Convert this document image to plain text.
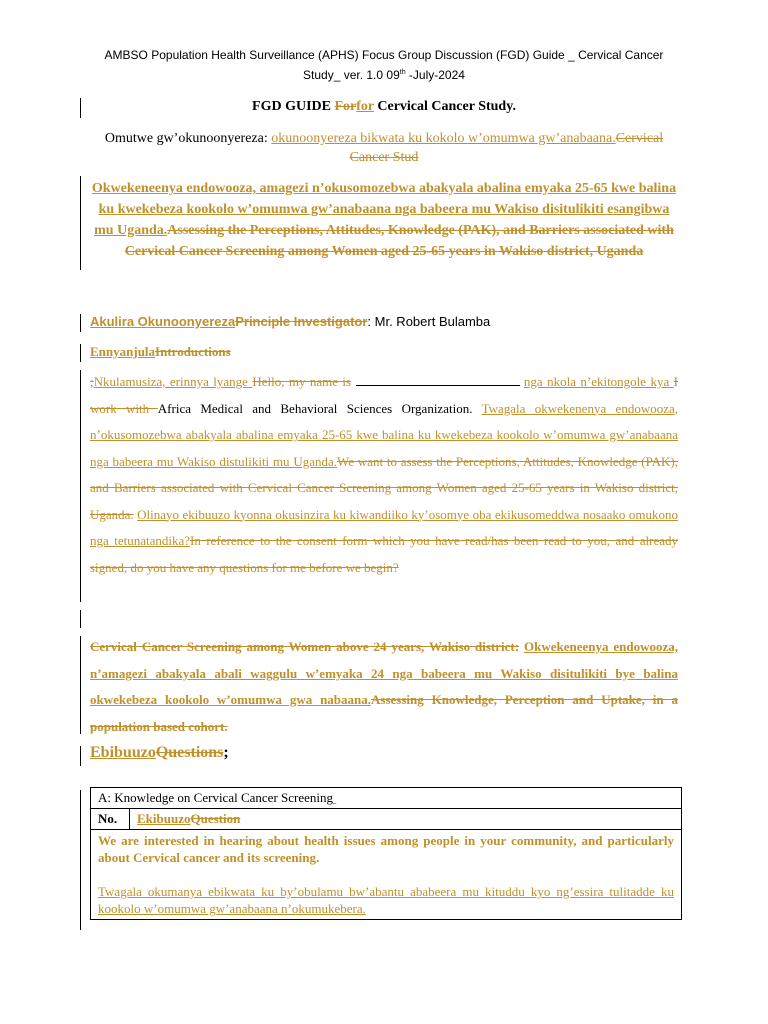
AMBSO Population Health Surveillance (APHS) Focus Group Discussion (FGD) Guide _ Cervical Cancer
Study_ ver. 1.0 09th -July-2024
FGD GUIDE Forfor Cervical Cancer Study.
Omutwe gw’okunoonyereza: okunoonyereza bikwata ku kokolo w’omumwa gw’anabaana.Cervical Cancer Stud
Okwekeneenya endowooza, amagezi n’okusomozebwa abakyala abalina emyaka 25-65 kwe balina ku kwekebeza kookolo w’omumwa gw’anabaana nga babeera mu Wakiso disitulikiti esangibwa mu Uganda.Assessing the Perceptions, Attitudes, Knowledge (PAK), and Barriers associated with Cervical Cancer Screening among Women aged 25-65 years in Wakiso district, Uganda
Akulira OkunoonyerezaPrinciple Investigator: Mr. Robert Bulamba
EnnyanjulaIntroductions
;Nkulamusiza, erinnya lyange Hello, my name is	nga nkola n’ekitongole kya I work with Africa Medical and Behavioral Sciences Organization. Twagala okwekenenya endowooza, n’okusomozebwa abakyala abalina emyaka 25-65 kwe balina ku kwekebeza kookolo w’omumwa gw’anabaana nga babeera mu Wakiso distulikiti mu Uganda.We want to assess the Perceptions, Attitudes, Knowledge (PAK), and Barriers associated with Cervical Cancer Screening among Women aged 25-65 years in Wakiso district, Uganda. Olinayo ekibuuzo kyonna okusinzira ku kiwandiiko ky’osomye oba ekikusomeddwa nosaako omukono nga tetunatandika?In reference to the consent form which you have read/has been read to you, and already signed, do you have any questions for me before we begin?
Cervical Cancer Screening among Women above 24 years, Wakiso district: Okwekeneenya endowooza, n’amagezi abakyala abali waggulu w’emyaka 24 nga babeera mu Wakiso disitulikiti bye balina okwekebeza kookolo w’omumwa gwa nabaana.Assessing Knowledge, Perception and Uptake, in a population based cohort.
EbibuuzoQuestions;
A: Knowledge on Cervical Cancer Screening
No.	EkibuuzoQuestion

We are interested in hearing about health issues among people in your community, and particularly about Cervical cancer and its screening.
Twagala okumanya ebikwata ku by’obulamu bw’abantu ababeera mu kituddu kyo ng’essira tulitadde ku kookolo w’omumwa gw’anabaana n’okumukebera.
